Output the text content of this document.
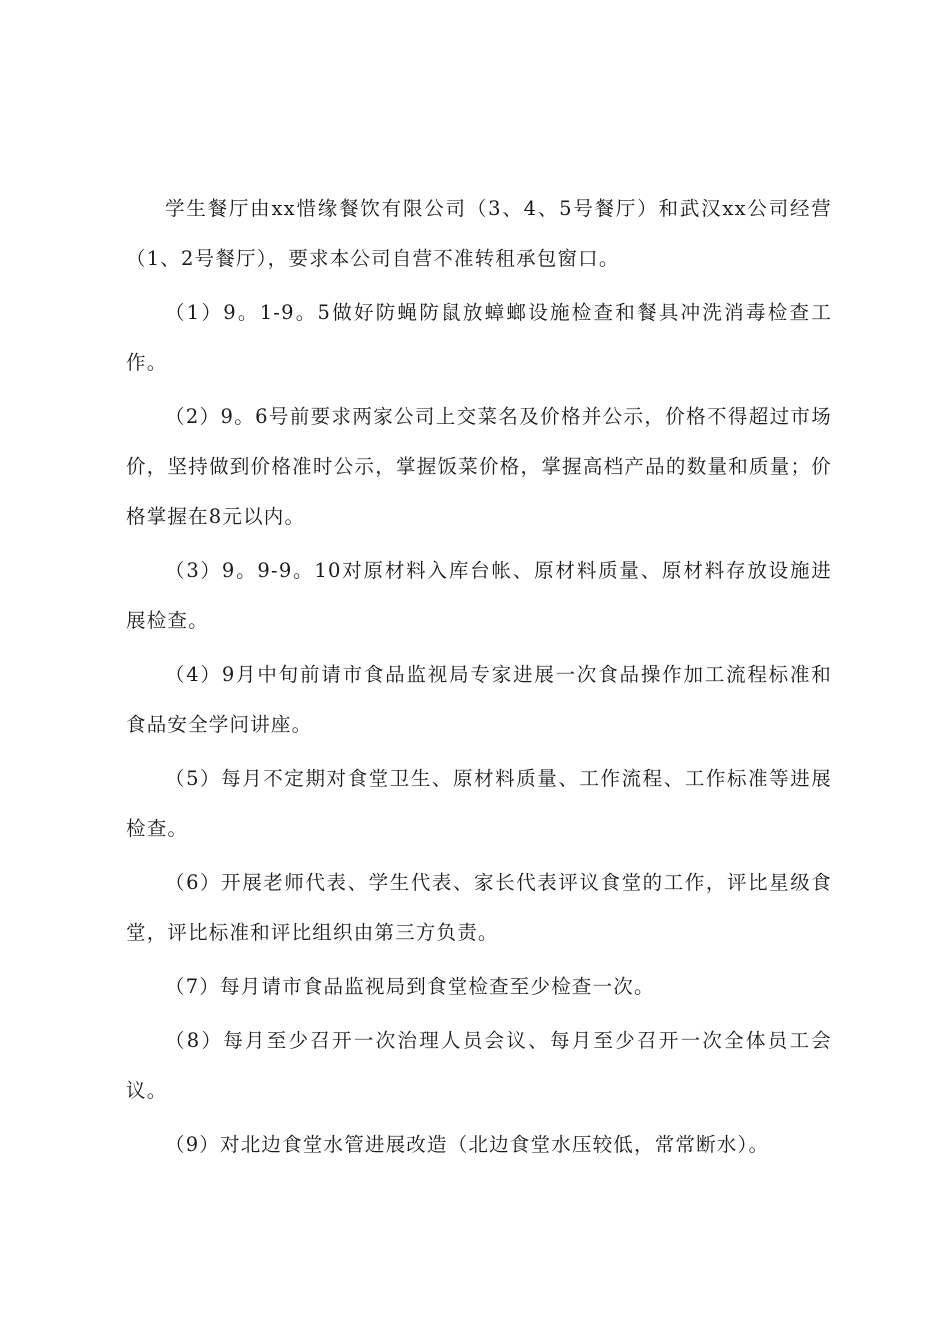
学生餐厅由xx惜缘餐饮有限公司（3、4、5号餐厅）和武汉xx公司经营（1、2号餐厅），要求本公司自营不准转租承包窗口。

（1）9。1-9。5做好防蝇防鼠放蟑螂设施检查和餐具冲洗消毒检查工作。

（2）9。6号前要求两家公司上交菜名及价格并公示，价格不得超过市场价，坚持做到价格准时公示，掌握饭菜价格，掌握高档产品的数量和质量；价格掌握在8元以内。

（3）9。9-9。10对原材料入库台帐、原材料质量、原材料存放设施进展检查。

（4）9月中旬前请市食品监视局专家进展一次食品操作加工流程标准和食品安全学问讲座。

（5）每月不定期对食堂卫生、原材料质量、工作流程、工作标准等进展检查。

（6）开展老师代表、学生代表、家长代表评议食堂的工作，评比星级食堂，评比标准和评比组织由第三方负责。

（7）每月请市食品监视局到食堂检查至少检查一次。

（8）每月至少召开一次治理人员会议、每月至少召开一次全体员工会议。

（9）对北边食堂水管进展改造（北边食堂水压较低，常常断水）。
